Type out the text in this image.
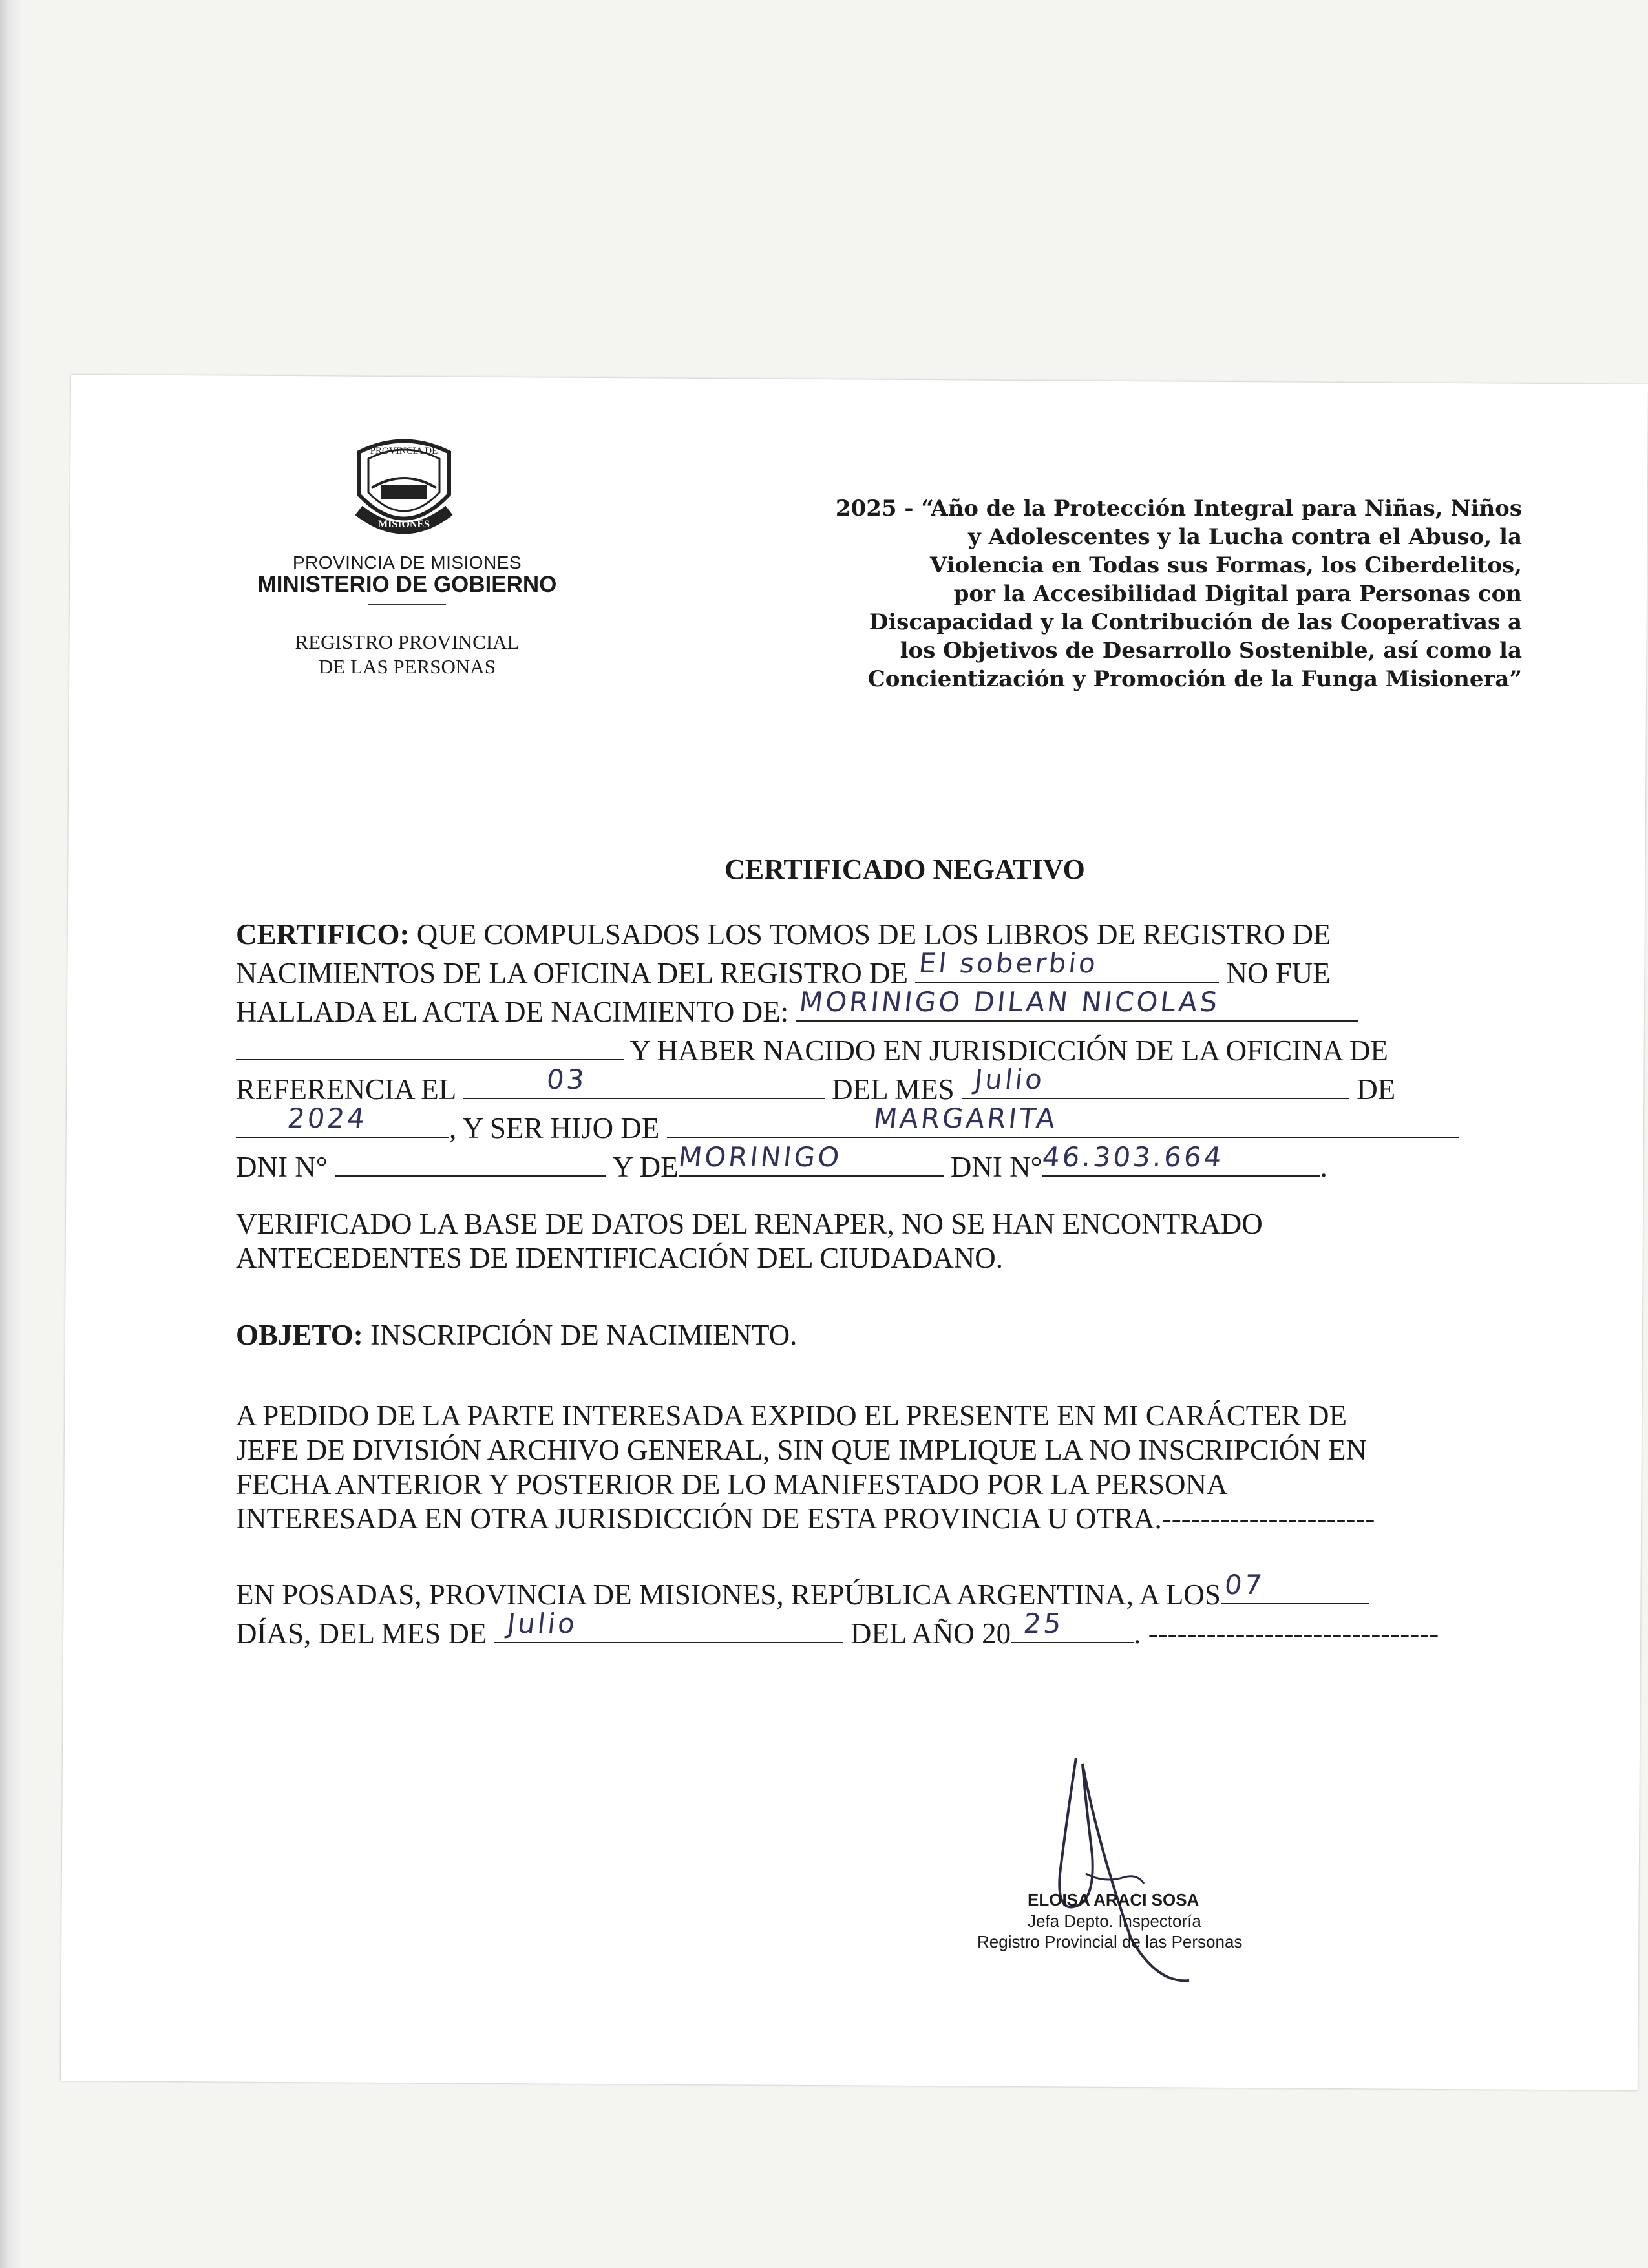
PROVINCIA DE
MISIONES
PROVINCIA DE MISIONES
MINISTERIO DE GOBIERNO
REGISTRO PROVINCIAL
DE LAS PERSONAS
2025 - “Año de la Protección Integral para Niñas, Niños
y Adolescentes y la Lucha contra el Abuso, la
Violencia en Todas sus Formas, los Ciberdelitos,
por la Accesibilidad Digital para Personas con
Discapacidad y la Contribución de las Cooperativas a
los Objetivos de Desarrollo Sostenible, así como la
Concientización y Promoción de la Funga Misionera”
CERTIFICADO NEGATIVO
CERTIFICO: QUE COMPULSADOS LOS TOMOS DE LOS LIBROS DE REGISTRO DE
NACIMIENTOS DE LA OFICINA DEL REGISTRO DE El soberbio	NO FUE
HALLADA EL ACTA DE NACIMIENTO DE: MORINIGO DILAN NICOLAS
Y HABER NACIDO EN JURISDICCIÓN DE LA OFICINA DE
REFERENCIA EL	03	DEL MES Julio	DE
2024	, Y SER HIJO DE	MARGARITA
DNI N°	Y DE
MORINIGO	DNI N°
46.303.664	.
VERIFICADO LA BASE DE DATOS DEL RENAPER, NO SE HAN ENCONTRADO
ANTECEDENTES DE IDENTIFICACIÓN DEL CIUDADANO.
OBJETO: INSCRIPCIÓN DE NACIMIENTO.
A PEDIDO DE LA PARTE INTERESADA EXPIDO EL PRESENTE EN MI CARÁCTER DE
JEFE DE DIVISIÓN ARCHIVO GENERAL, SIN QUE IMPLIQUE LA NO INSCRIPCIÓN EN
FECHA ANTERIOR Y POSTERIOR DE LO MANIFESTADO POR LA PERSONA
INTERESADA EN OTRA JURISDICCIÓN DE ESTA PROVINCIA U OTRA.----------------------
EN POSADAS, PROVINCIA DE MISIONES, REPÚBLICA ARGENTINA, A LOS 07
DÍAS, DEL MES DE Julio	DEL AÑO 20 25 . ------------------------------
ELOISA ARACI SOSA
Jefa Depto. Inspectoría
Registro Provincial de las Personas
